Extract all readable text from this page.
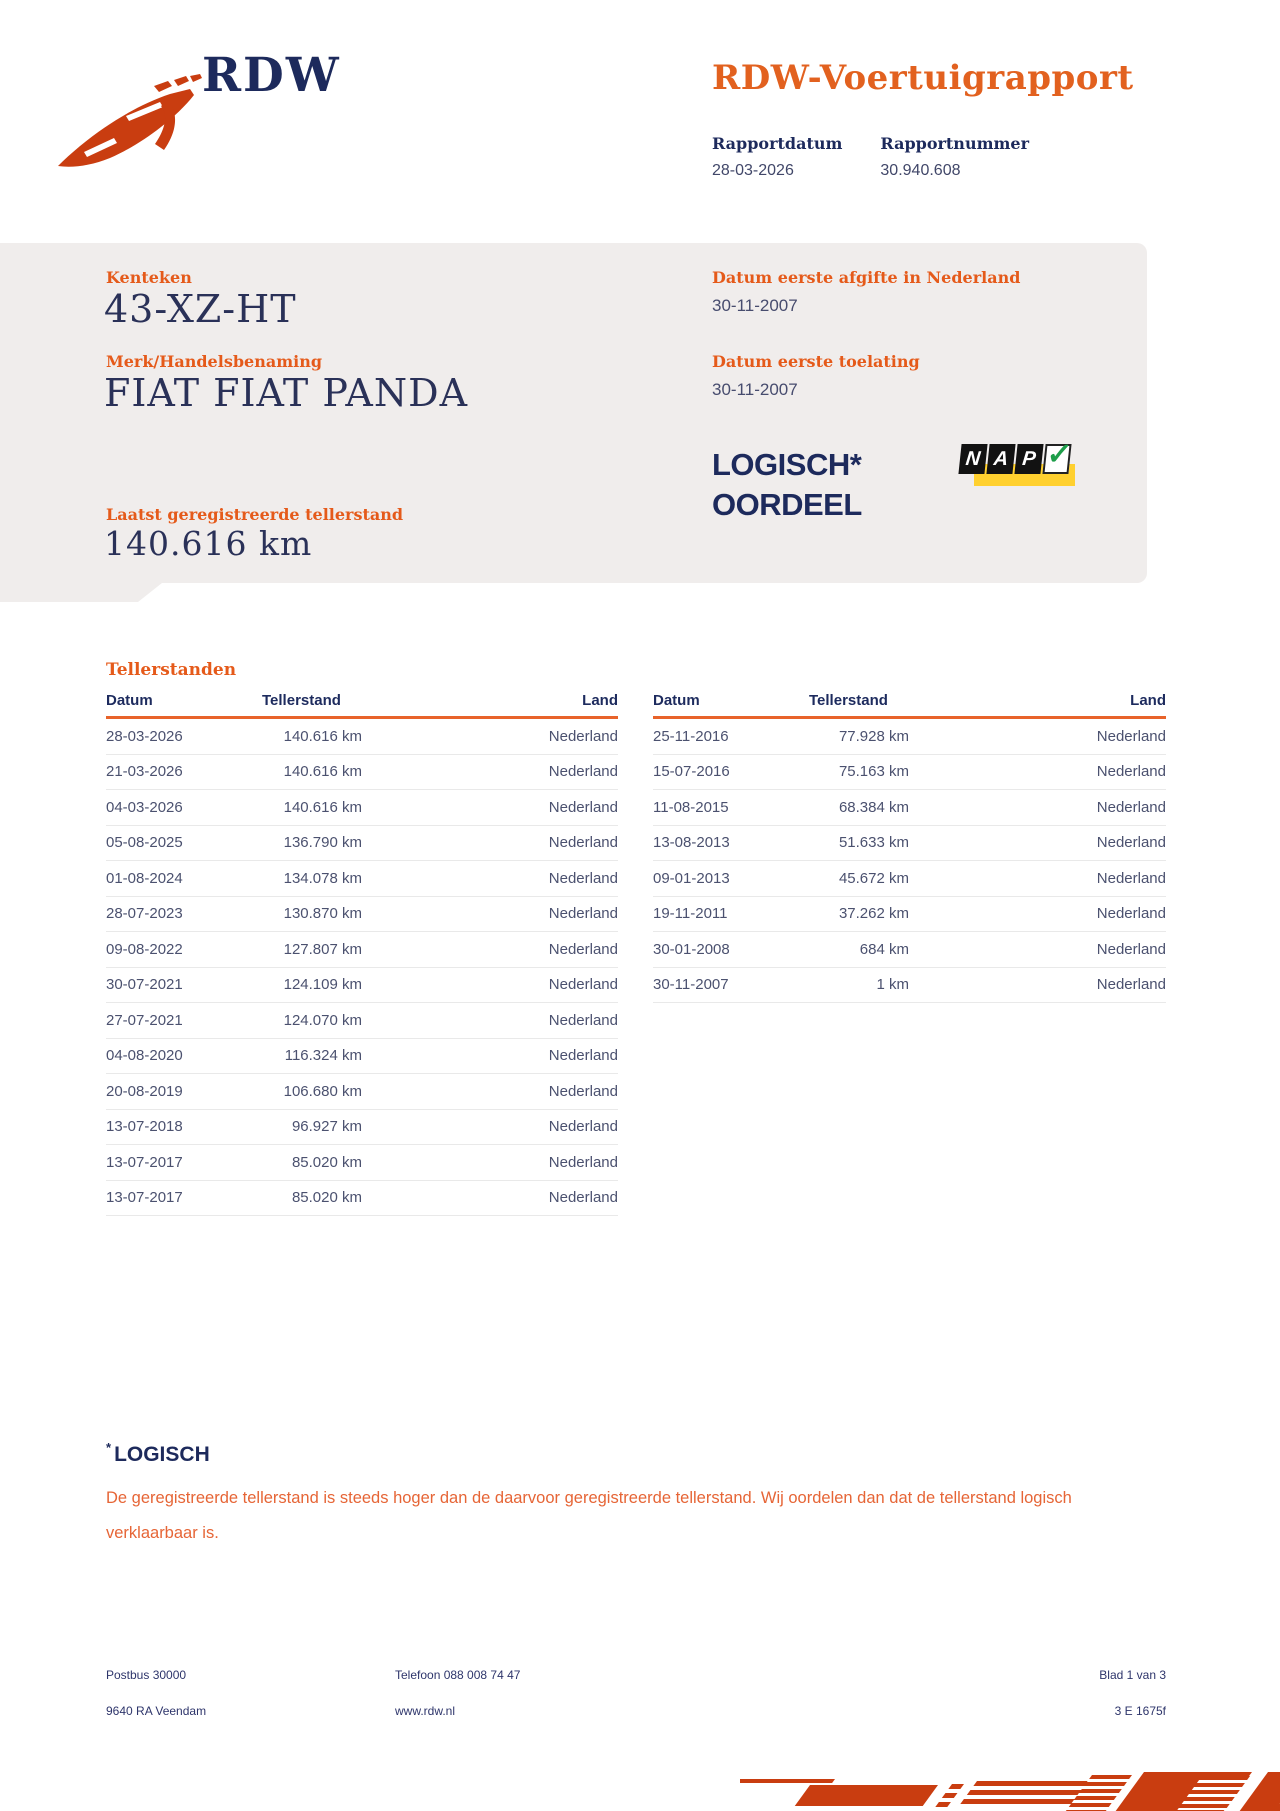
RDW	RDW-Voertuigrapport
Rapportdatum
28-03-2026
Rapportnummer
30.940.608
Kenteken
43-XZ-HT
Merk/Handelsbenaming
FIAT FIAT PANDA
Laatst geregistreerde tellerstand
140.616 km
Datum eerste afgifte in Nederland
30-11-2007
Datum eerste toelating
30-11-2007
LOGISCH*
OORDEEL
N A P ✓
Tellerstanden
Datum	Tellerstand	Land
28-03-2026	140.616 km	Nederland
21-03-2026	140.616 km	Nederland
04-03-2026	140.616 km	Nederland
05-08-2025	136.790 km	Nederland
01-08-2024	134.078 km	Nederland
28-07-2023	130.870 km	Nederland
09-08-2022	127.807 km	Nederland
30-07-2021	124.109 km	Nederland
27-07-2021	124.070 km	Nederland
04-08-2020	116.324 km	Nederland
20-08-2019	106.680 km	Nederland
13-07-2018	96.927 km	Nederland
13-07-2017	85.020 km	Nederland
13-07-2017	85.020 km	Nederland
Datum	Tellerstand	Land
25-11-2016	77.928 km	Nederland
15-07-2016	75.163 km	Nederland
11-08-2015	68.384 km	Nederland
13-08-2013	51.633 km	Nederland
09-01-2013	45.672 km	Nederland
19-11-2011	37.262 km	Nederland
30-01-2008	684 km	Nederland
30-11-2007	1 km	Nederland
* LOGISCH
De geregistreerde tellerstand is steeds hoger dan de daarvoor geregistreerde tellerstand. Wij oordelen dan dat de tellerstand logisch verklaarbaar is.
Postbus 30000
9640 RA Veendam
Telefoon 088 008 74 47
www.rdw.nl
Blad 1 van 3
3 E 1675f
